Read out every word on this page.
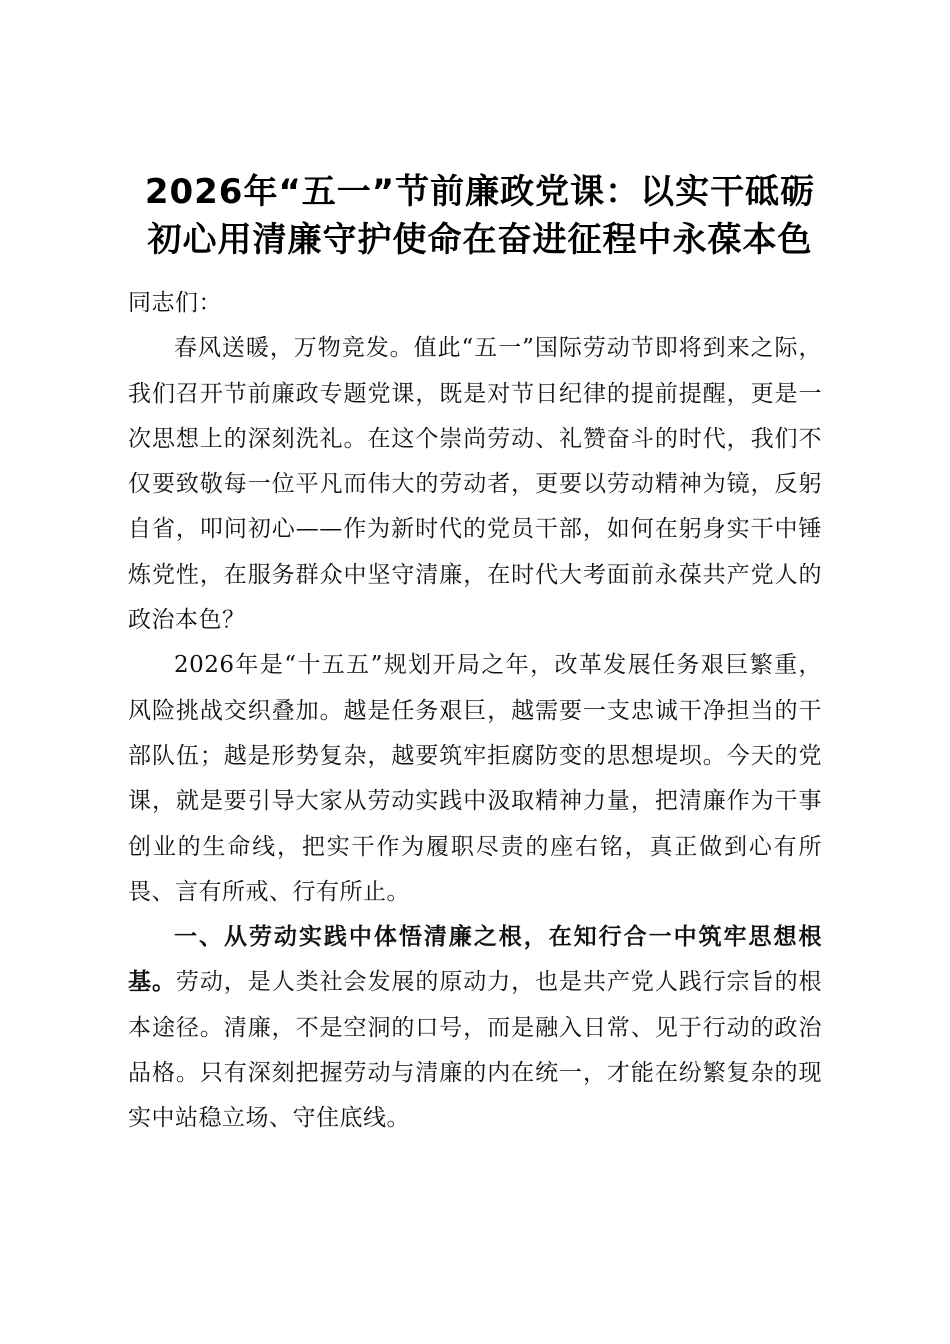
2026年“五一”节前廉政党课：以实干砥砺
初心用清廉守护使命在奋进征程中永葆本色

同志们：

春风送暖，万物竞发。值此“五一”国际劳动节即将到来之际，我们召开节前廉政专题党课，既是对节日纪律的提前提醒，更是一次思想上的深刻洗礼。在这个崇尚劳动、礼赞奋斗的时代，我们不仅要致敬每一位平凡而伟大的劳动者，更要以劳动精神为镜，反躬自省，叩问初心——作为新时代的党员干部，如何在躬身实干中锤炼党性，在服务群众中坚守清廉，在时代大考面前永葆共产党人的政治本色？

2026年是“十五五”规划开局之年，改革发展任务艰巨繁重，风险挑战交织叠加。越是任务艰巨，越需要一支忠诚干净担当的干部队伍；越是形势复杂，越要筑牢拒腐防变的思想堤坝。今天的党课，就是要引导大家从劳动实践中汲取精神力量，把清廉作为干事创业的生命线，把实干作为履职尽责的座右铭，真正做到心有所畏、言有所戒、行有所止。

一、从劳动实践中体悟清廉之根，在知行合一中筑牢思想根基。劳动，是人类社会发展的原动力，也是共产党人践行宗旨的根本途径。清廉，不是空洞的口号，而是融入日常、见于行动的政治品格。只有深刻把握劳动与清廉的内在统一，才能在纷繁复杂的现实中站稳立场、守住底线。
